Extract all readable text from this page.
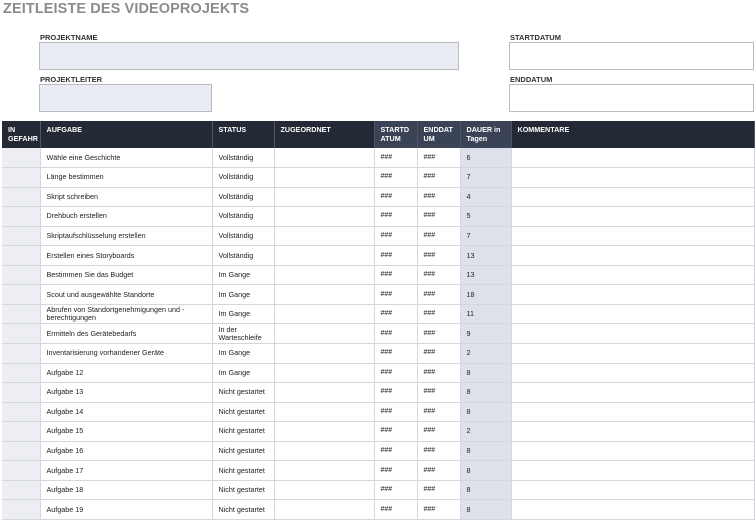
ZEITLEISTE DES VIDEOPROJEKTS
PROJEKTNAME
PROJEKTLEITER
STARTDATUM
ENDDATUM
IN GEFAHR	AUFGABE	STATUS	ZUGEORDNET	STARTDATUM	ENDDATUM	DAUER in Tagen	KOMMENTARE
	Wähle eine Geschichte	Vollständig		###	###	6	
	Länge bestimmen	Vollständig		###	###	7	
	Skript schreiben	Vollständig		###	###	4	
	Drehbuch erstellen	Vollständig		###	###	5	
	Skriptaufschlüsselung erstellen	Vollständig		###	###	7	
	Erstellen eines Storyboards	Vollständig		###	###	13	
	Bestimmen Sie das Budget	Im Gange		###	###	13	
	Scout und ausgewählte Standorte	Im Gange		###	###	18	
	Abrufen von Standortgenehmigungen und -berechtigungen	Im Gange		###	###	11	
	Ermitteln des Gerätebedarfs	In der Warteschleife		###	###	9	
	Inventarisierung vorhandener Geräte	Im Gange		###	###	2	
	Aufgabe 12	Im Gange		###	###	8	
	Aufgabe 13	Nicht gestartet		###	###	8	
	Aufgabe 14	Nicht gestartet		###	###	8	
	Aufgabe 15	Nicht gestartet		###	###	2	
	Aufgabe 16	Nicht gestartet		###	###	8	
	Aufgabe 17	Nicht gestartet		###	###	8	
	Aufgabe 18	Nicht gestartet		###	###	8	
	Aufgabe 19	Nicht gestartet		###	###	8	
